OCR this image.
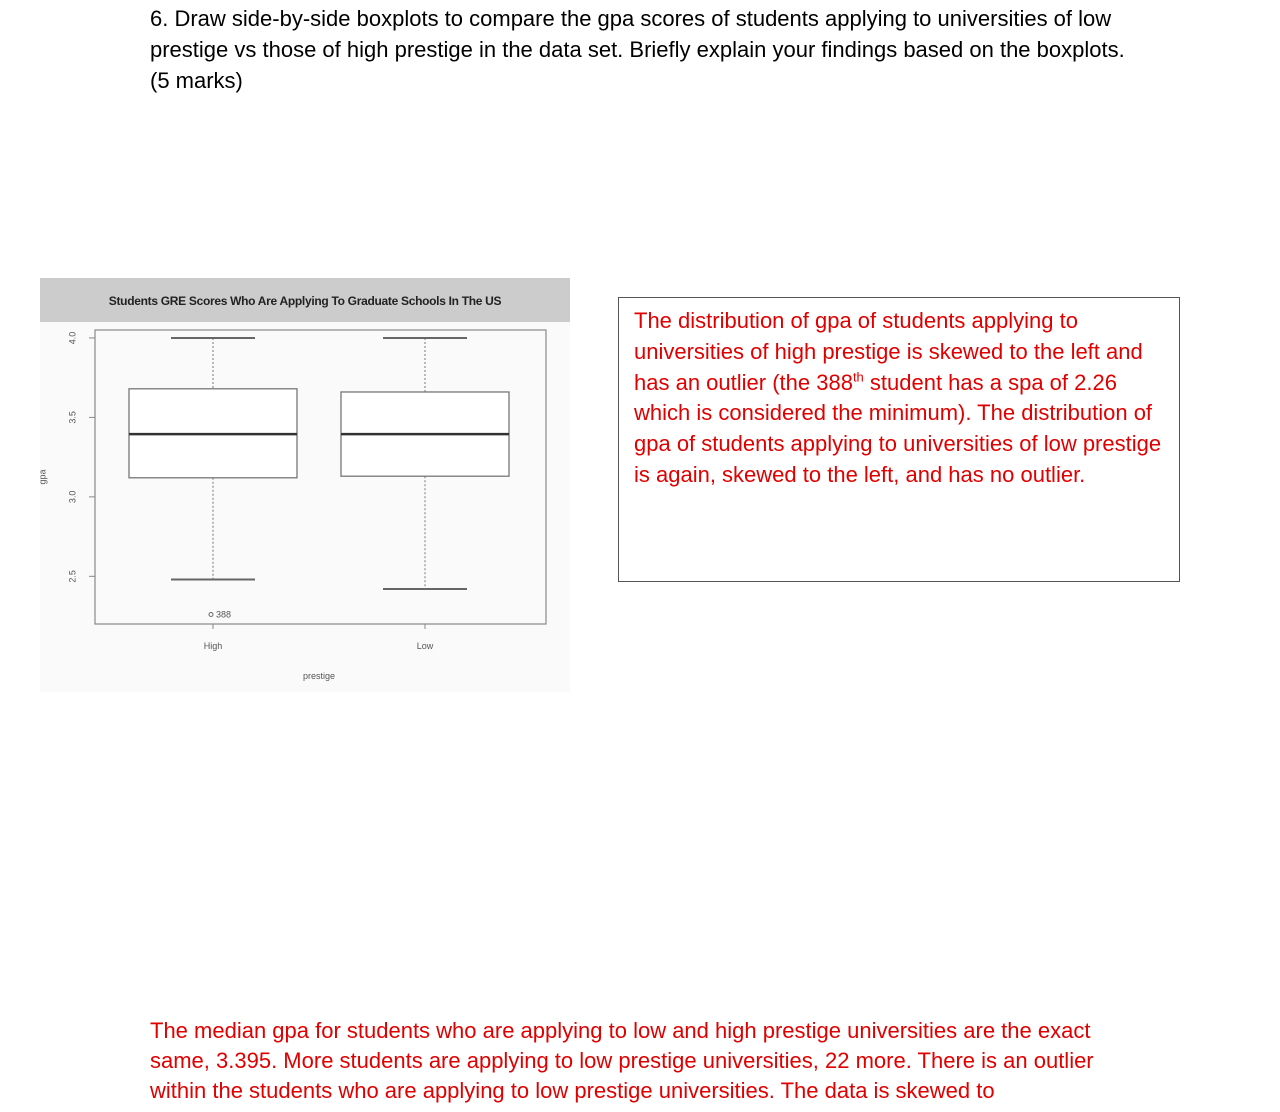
6. Draw side-by-side boxplots to compare the gpa scores of students applying to universities of low prestige vs those of high prestige in the data set. Briefly explain your findings based on the boxplots. (5 marks)

Students GRE Scores Who Are Applying To Graduate Schools In The US
2.5
3.0
3.5
4.0
gpa
388
High	Low
prestige

The distribution of gpa of students applying to universities of high prestige is skewed to the left and has an outlier (the 388th student has a spa of 2.26 which is considered the minimum). The distribution of gpa of students applying to universities of low prestige is again, skewed to the left, and has no outlier.

The median gpa for students who are applying to low and high prestige universities are the exact same, 3.395. More students are applying to low prestige universities, 22 more. There is an outlier within the students who are applying to low prestige universities. The data is skewed to
